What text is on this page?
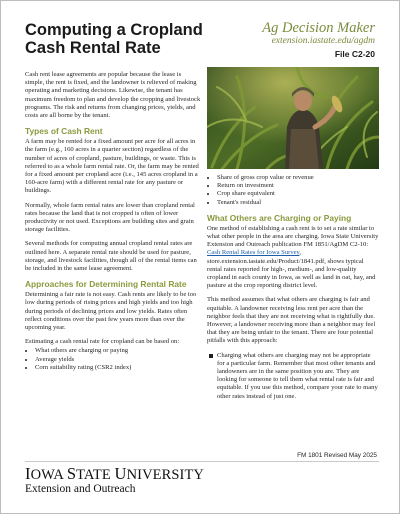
Computing a Cropland
Cash Rental Rate
Ag Decision Maker
extension.iastate.edu/agdm
File C2-20

Cash rent lease agreements are popular because the lease is simple, the rent is fixed, and the landowner is relieved of making operating and marketing decisions. Likewise, the tenant has maximum freedom to plan and develop the cropping and livestock programs. The risk and returns from changing prices, yields, and costs are all borne by the tenant.

Types of Cash Rent

A farm may be rented for a fixed amount per acre for all acres in the farm (e.g., 160 acres in a quarter section) regardless of the number of acres of cropland, pasture, buildings, or waste. This is referred to as a whole farm rental rate. Or, the farm may be rented for a fixed amount per cropland acre (i.e., 145 acres cropland in a 160-acre farm) with a different rental rate for any pasture or buildings.

Normally, whole farm rental rates are lower than cropland rental rates because the land that is not cropped is often of lower productivity or not used. Exceptions are building sites and grain storage facilities.

Several methods for computing annual cropland rental rates are outlined here. A separate rental rate should be used for pasture, storage, and livestock facilities, though all of the rental items can be included in the same lease agreement.

Approaches for Determining Rental Rate

Determining a fair rate is not easy. Cash rents are likely to be too low during periods of rising prices and high yields and too high during periods of declining prices and low yields. Rates often reflect conditions over the past few years more than over the upcoming year.

Estimating a cash rental rate for cropland can be based on:

• What others are charging or paying
• Average yields
• Corn suitability rating (CSR2 index)
• Share of gross crop value or revenue
• Return on investment
• Crop share equivalent
• Tenant's residual
What Others are Charging or Paying

One method of establishing a cash rent is to set a rate similar to what other people in the area are charging. Iowa State University Extension and Outreach publication FM 1851/AgDM C2-10: Cash Rental Rates for Iowa Survey, store.extension.iastate.edu/Product/1841.pdf, shows typical rental rates reported for high-, medium-, and low-quality cropland in each county in Iowa, as well as land in oat, hay, and pasture at the crop reporting district level.

This method assumes that what others are charging is fair and equitable. A landowner receiving less rent per acre than the neighbor feels that they are not receiving what is rightfully due. However, a landowner receiving more than a neighbor may feel that they are being unfair to the tenant. There are four potential pitfalls with this approach:

Charging what others are charging may not be appropriate for a particular farm. Remember that most other tenants and landowners are in the same position you are. They are looking for someone to tell them what rental rate is fair and equitable. If you use this method, compare your rate to many other rates instead of just one.
FM 1801 Revised May 2025
IOWA STATE UNIVERSITY
Extension and Outreach
